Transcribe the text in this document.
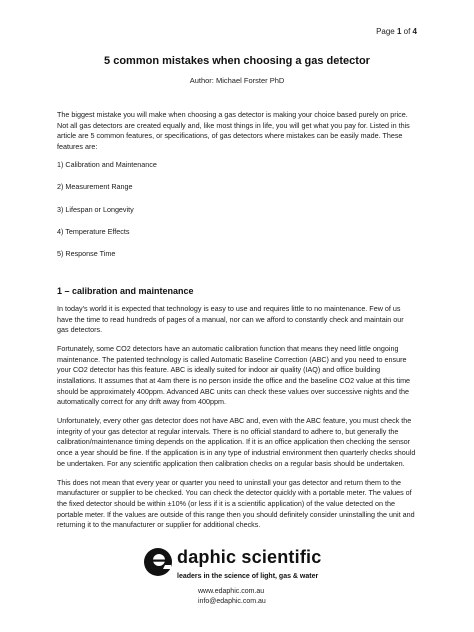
Page 1 of 4
5 common mistakes when choosing a gas detector
Author: Michael Forster PhD

The biggest mistake you will make when choosing a gas detector is making your choice based purely on price. Not all gas detectors are created equally and, like most things in life, you will get what you pay for. Listed in this article are 5 common features, or specifications, of gas detectors where mistakes can be easily made. These features are:

1) Calibration and Maintenance
2) Measurement Range
3) Lifespan or Longevity
4) Temperature Effects
5) Response Time

1 – calibration and maintenance

In today’s world it is expected that technology is easy to use and requires little to no maintenance. Few of us have the time to read hundreds of pages of a manual, nor can we afford to constantly check and maintain our gas detectors.

Fortunately, some CO2 detectors have an automatic calibration function that means they need little ongoing maintenance. The patented technology is called Automatic Baseline Correction (ABC) and you need to ensure your CO2 detector has this feature. ABC is ideally suited for indoor air quality (IAQ) and office building installations. It assumes that at 4am there is no person inside the office and the baseline CO2 value at this time should be approximately 400ppm. Advanced ABC units can check these values over successive nights and the automatically correct for any drift away from 400ppm.

Unfortunately, every other gas detector does not have ABC and, even with the ABC feature, you must check the integrity of your gas detector at regular intervals. There is no official standard to adhere to, but generally the calibration/maintenance timing depends on the application. If it is an office application then checking the sensor once a year should be fine. If the application is in any type of industrial environment then quarterly checks should be undertaken. For any scientific application then calibration checks on a regular basis should be undertaken.

This does not mean that every year or quarter you need to uninstall your gas detector and return them to the manufacturer or supplier to be checked. You can check the detector quickly with a portable meter. The values of the fixed detector should be within ±10% (or less if it is a scientific application) of the value detected on the portable meter. If the values are outside of this range then you should definitely consider uninstalling the unit and returning it to the manufacturer or supplier for additional checks.

daphic scientific
leaders in the science of light, gas & water
www.edaphic.com.au
info@edaphic.com.au
